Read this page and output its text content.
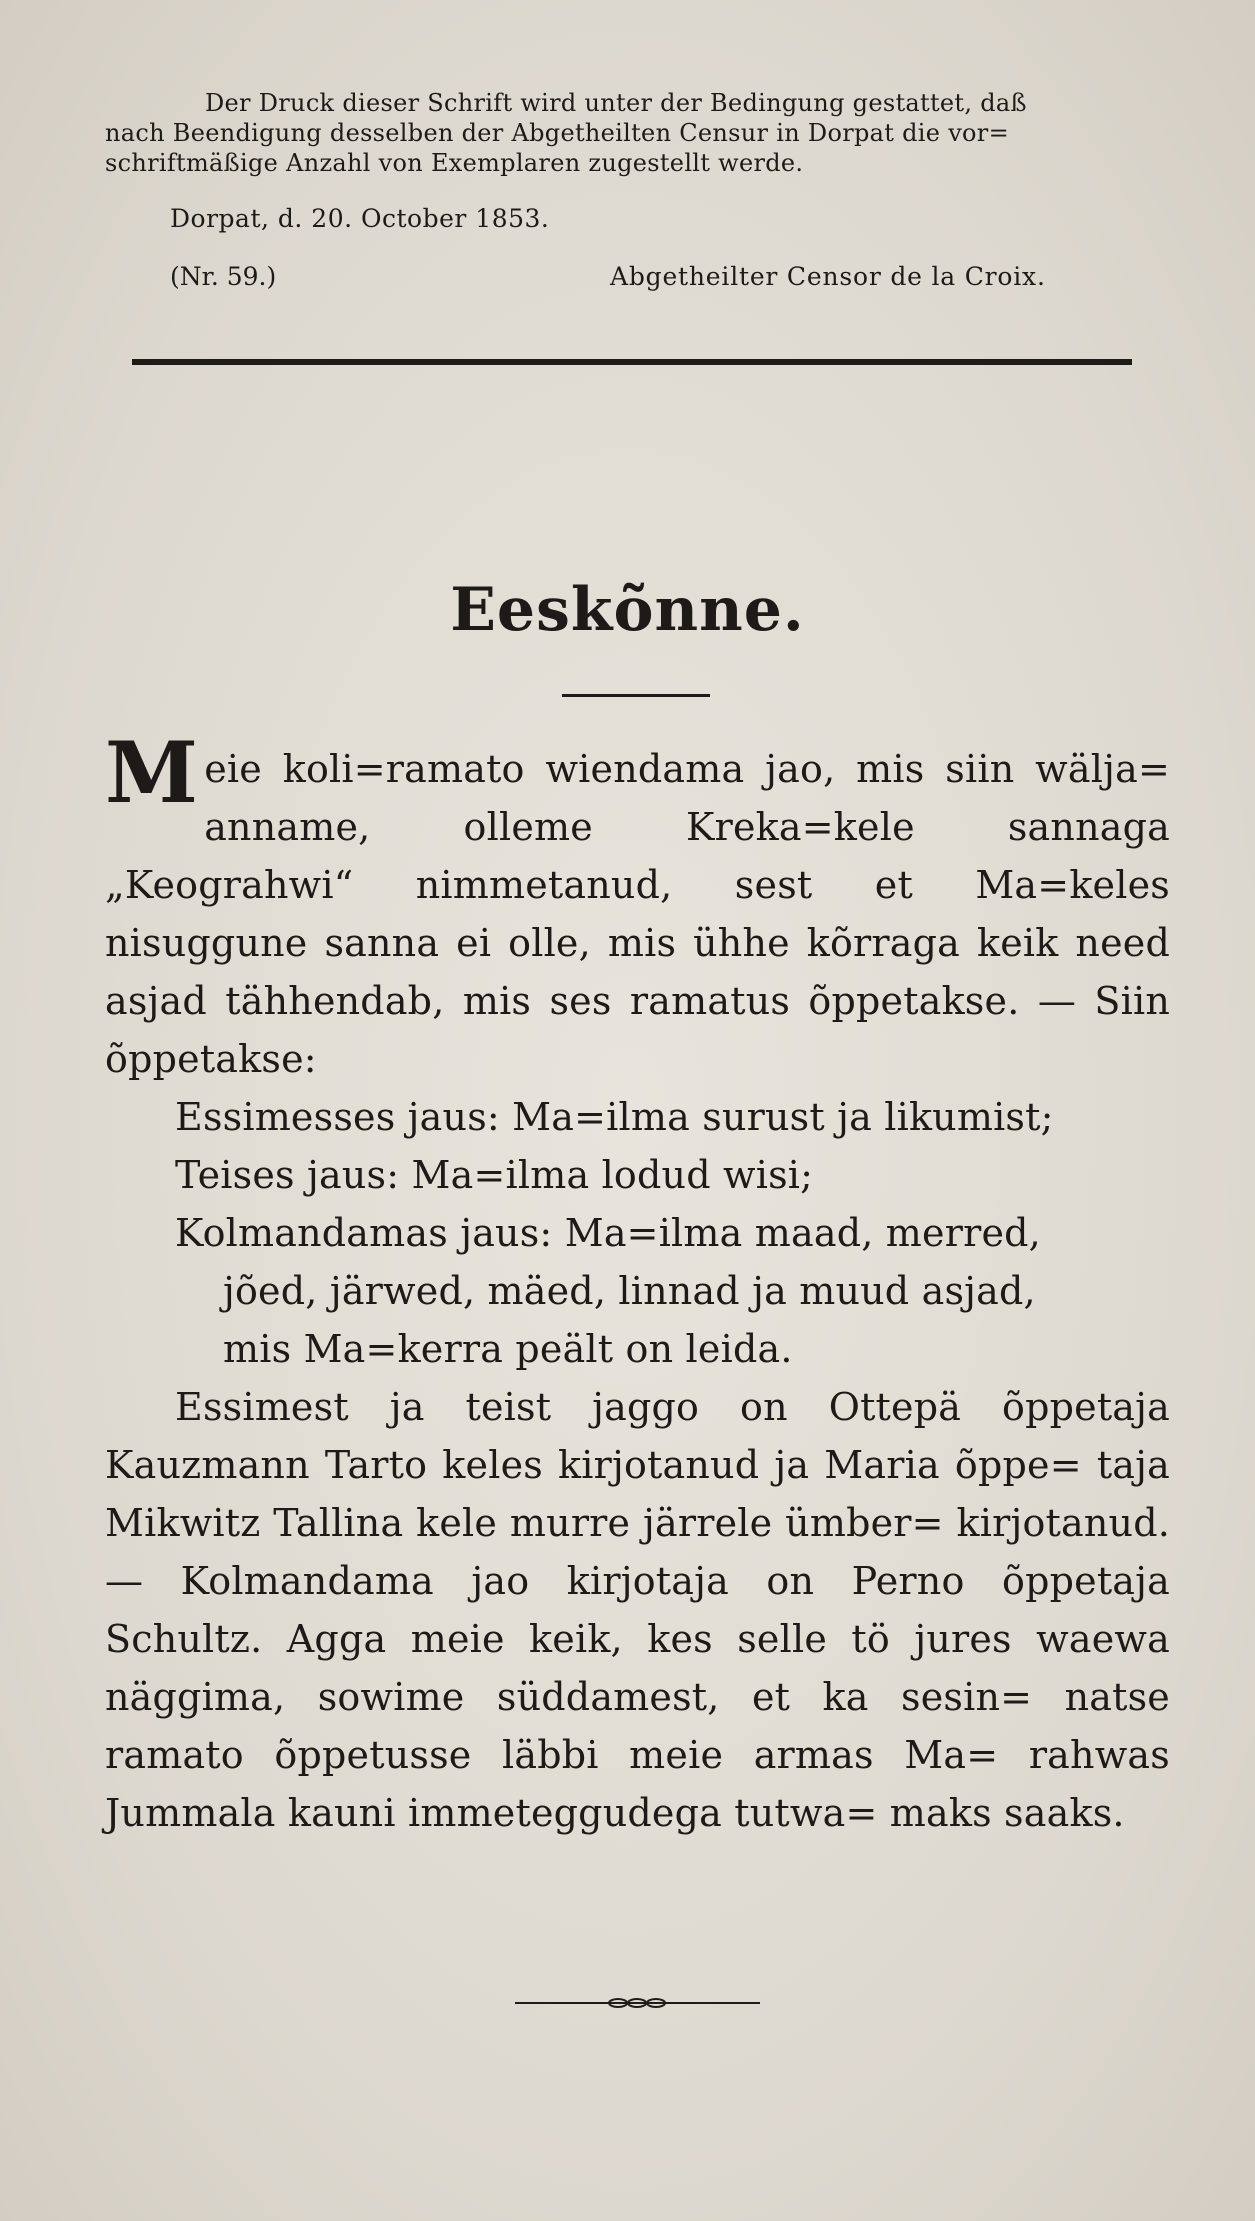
Der Druck dieser Schrift wird unter der Bedingung gestattet, daß

nach Beendigung desselben der Abgetheilten Censur in Dorpat die vor=

schriftmäßige Anzahl von Exemplaren zugestellt werde.

Dorpat, d. 20. October 1853.
(Nr. 59.)	Abgetheilter Censor de la Croix.
Eeskõnne.

Meie koli=ramato wiendama jao, mis siin wälja= anname, olleme Kreka=kele sannaga „Keograhwi“ nimmetanud, sest et Ma=keles nisuggune sanna ei olle, mis ühhe kõrraga keik need asjad tähhendab, mis ses ramatus õppetakse. — Siin õppetakse:

Essimesses jaus: Ma=ilma surust ja likumist;

Teises jaus: Ma=ilma lodud wisi;

Kolmandamas jaus: Ma=ilma maad, merred,
jõed, järwed, mäed, linnad ja muud asjad,
mis Ma=kerra peält on leida.

Essimest ja teist jaggo on Ottepä õppetaja Kauzmann Tarto keles kirjotanud ja Maria õppe= taja Mikwitz Tallina kele murre järrele ümber= kirjotanud. — Kolmandama jao kirjotaja on Perno õppetaja Schultz. Agga meie keik, kes selle tö jures waewa näggima, sowime süddamest, et ka sesin= natse ramato õppetusse läbbi meie armas Ma= rahwas Jummala kauni immeteggudega tutwa= maks saaks.
